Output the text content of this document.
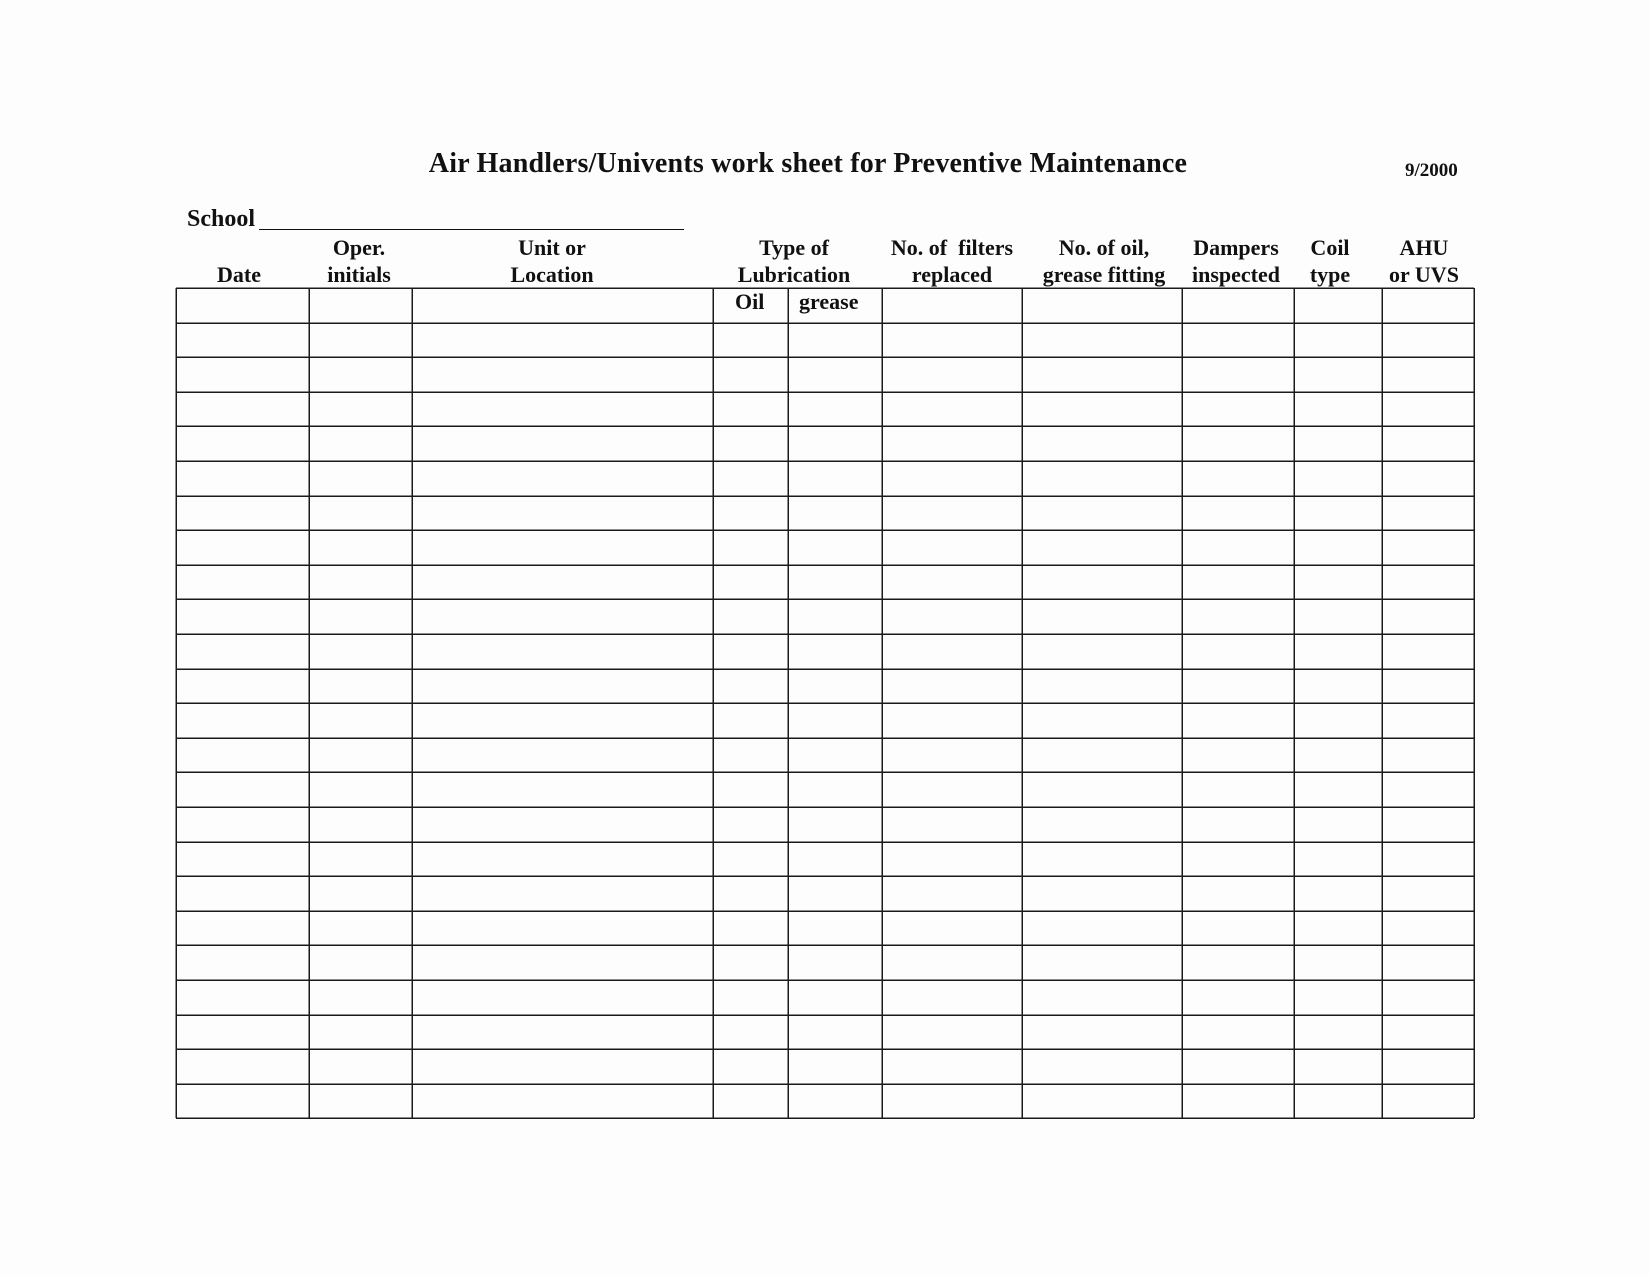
Air Handlers/Univents work sheet for Preventive Maintenance	9/2000
School
Date
Oper.
initials
Unit or
Location
Type of
Lubrication
No. of  filters
replaced
No. of oil,
grease fitting
Dampers
inspected
Coil
type
AHU
or UVS
Oil grease
